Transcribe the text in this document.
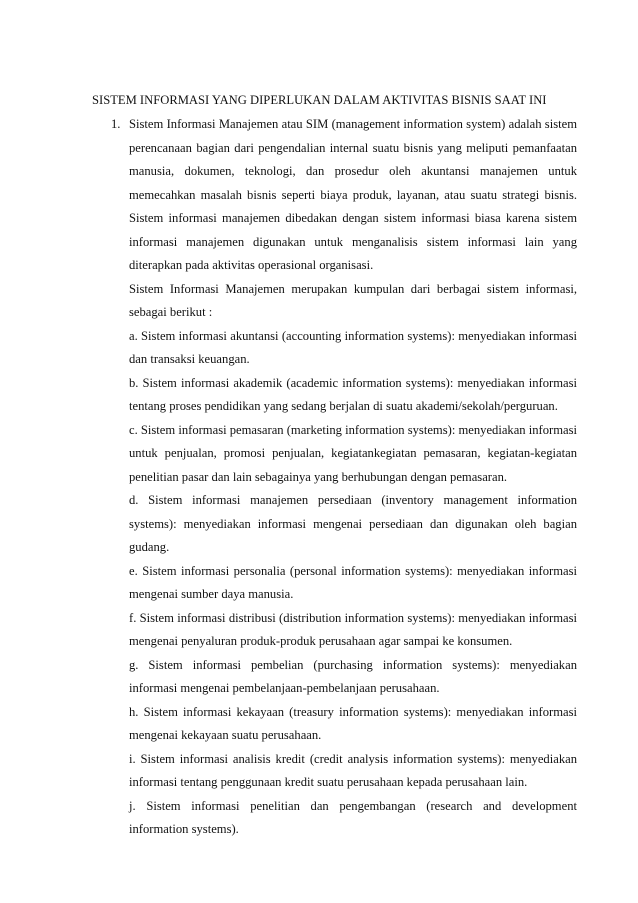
SISTEM INFORMASI YANG DIPERLUKAN DALAM AKTIVITAS BISNIS SAAT INI
1. Sistem Informasi Manajemen atau SIM (management information system) adalah sistem perencanaan bagian dari pengendalian internal suatu bisnis yang meliputi pemanfaatan manusia, dokumen, teknologi, dan prosedur oleh akuntansi manajemen untuk memecahkan masalah bisnis seperti biaya produk, layanan, atau suatu strategi bisnis. Sistem informasi manajemen dibedakan dengan sistem informasi biasa karena sistem informasi manajemen digunakan untuk menganalisis sistem informasi lain yang diterapkan pada aktivitas operasional organisasi.

Sistem Informasi Manajemen merupakan kumpulan dari berbagai sistem informasi, sebagai berikut :

a. Sistem informasi akuntansi (accounting information systems): menyediakan informasi dan transaksi keuangan.

b. Sistem informasi akademik (academic information systems): menyediakan informasi tentang proses pendidikan yang sedang berjalan di suatu akademi/sekolah/perguruan.

c. Sistem informasi pemasaran (marketing information systems): menyediakan informasi untuk penjualan, promosi penjualan, kegiatankegiatan pemasaran, kegiatan-kegiatan penelitian pasar dan lain sebagainya yang berhubungan dengan pemasaran.

d. Sistem informasi manajemen persediaan (inventory management information systems): menyediakan informasi mengenai persediaan dan digunakan oleh bagian gudang.

e. Sistem informasi personalia (personal information systems): menyediakan informasi mengenai sumber daya manusia.

f. Sistem informasi distribusi (distribution information systems): menyediakan informasi mengenai penyaluran produk-produk perusahaan agar sampai ke konsumen.

g. Sistem informasi pembelian (purchasing information systems): menyediakan informasi mengenai pembelanjaan-pembelanjaan perusahaan.

h. Sistem informasi kekayaan (treasury information systems): menyediakan informasi mengenai kekayaan suatu perusahaan.

i. Sistem informasi analisis kredit (credit analysis information systems): menyediakan informasi tentang penggunaan kredit suatu perusahaan kepada perusahaan lain.

j. Sistem informasi penelitian dan pengembangan (research and development information systems).
